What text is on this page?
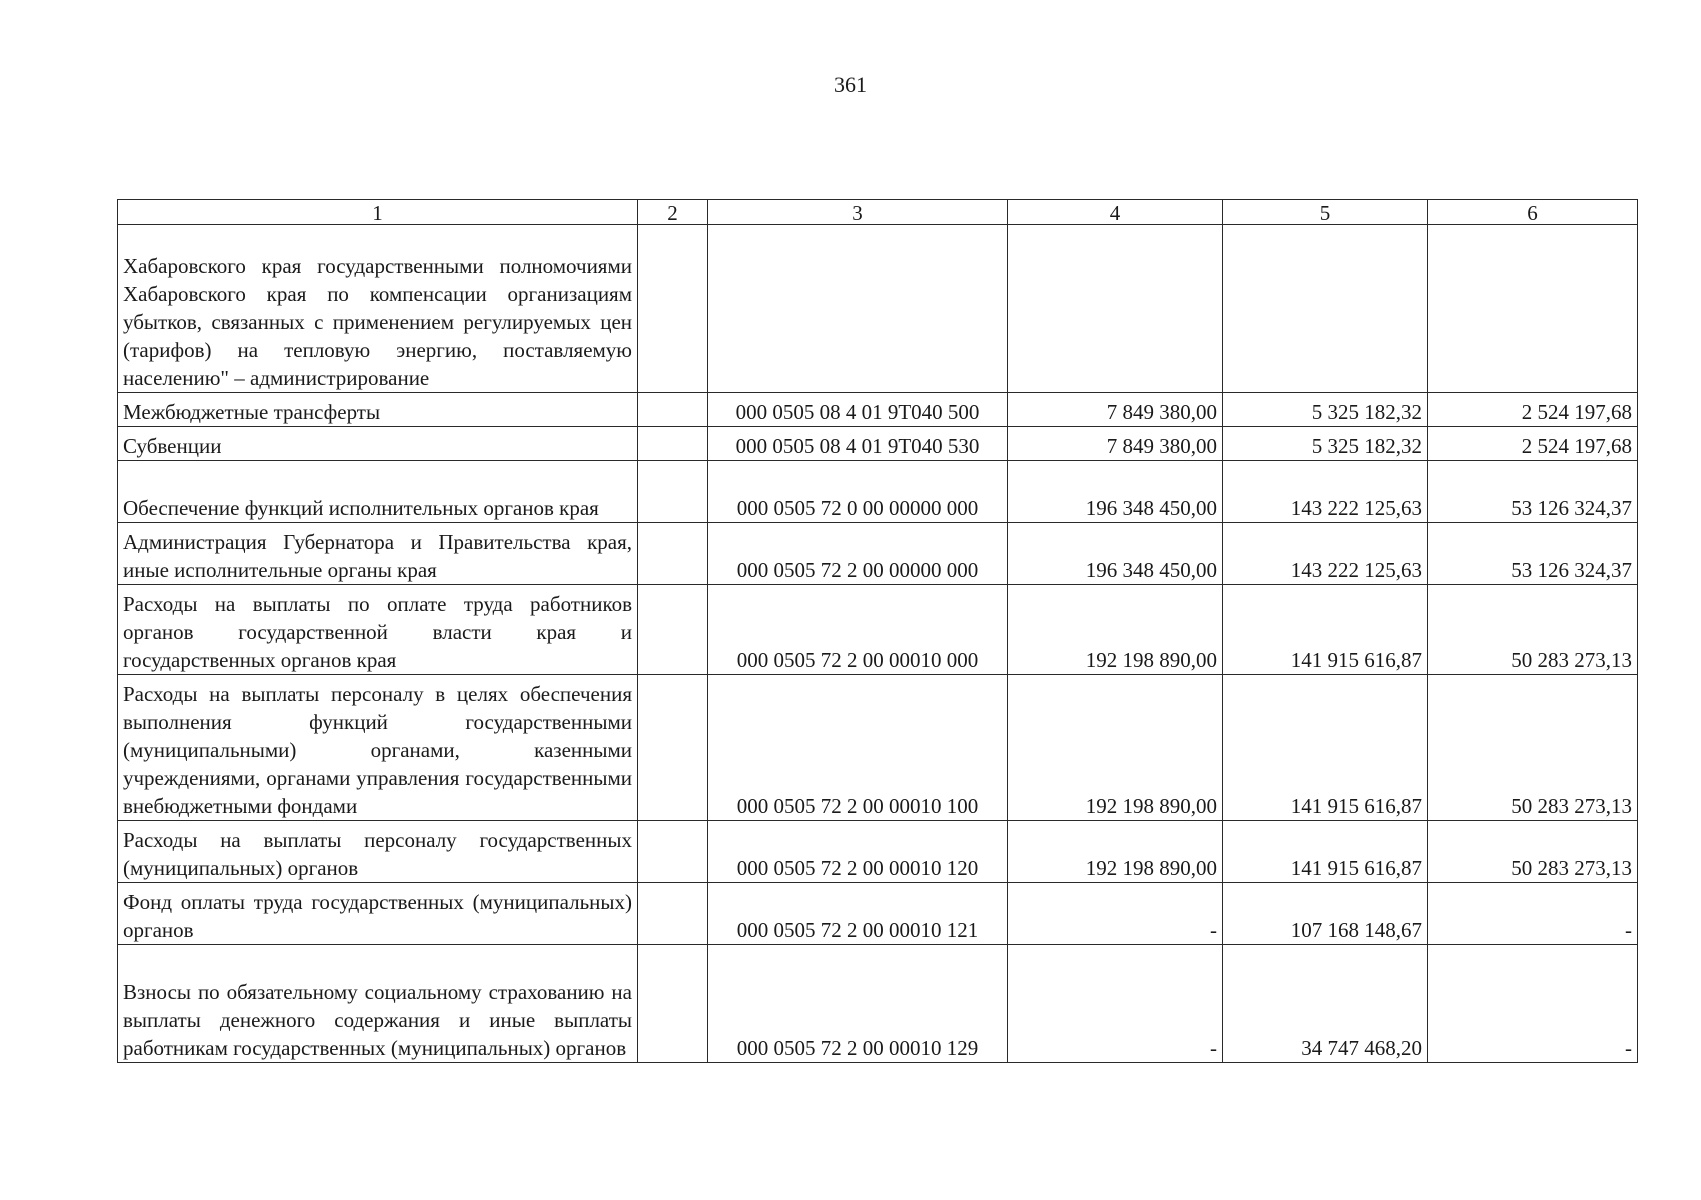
361
1	2	3	4	5	6
Хабаровского края государственными полномочиями Хабаровского края по компенсации организациям убытков, связанных с применением регулируемых цен (тарифов) на тепловую энергию, поставляемую населению" – администрирование					
Межбюджетные трансферты		000 0505 08 4 01 9Т040 500	7 849 380,00	5 325 182,32	2 524 197,68
Субвенции		000 0505 08 4 01 9Т040 530	7 849 380,00	5 325 182,32	2 524 197,68
Обеспечение функций исполнительных органов края		000 0505 72 0 00 00000 000	196 348 450,00	143 222 125,63	53 126 324,37
Администрация Губернатора и Правительства края, иные исполнительные органы края		000 0505 72 2 00 00000 000	196 348 450,00	143 222 125,63	53 126 324,37
Расходы на выплаты по оплате труда работников органов государственной власти края и государственных органов края		000 0505 72 2 00 00010 000	192 198 890,00	141 915 616,87	50 283 273,13
Расходы на выплаты персоналу в целях обеспечения выполнения функций государственными (муниципальными) органами, казенными учреждениями, органами управления государственными внебюджетными фондами		000 0505 72 2 00 00010 100	192 198 890,00	141 915 616,87	50 283 273,13
Расходы на выплаты персоналу государственных (муниципальных) органов		000 0505 72 2 00 00010 120	192 198 890,00	141 915 616,87	50 283 273,13
Фонд оплаты труда государственных (муниципальных) органов		000 0505 72 2 00 00010 121	-	107 168 148,67	-
Взносы по обязательному социальному страхованию на выплаты денежного содержания и иные выплаты работникам государственных (муниципальных) органов		000 0505 72 2 00 00010 129	-	34 747 468,20	-
